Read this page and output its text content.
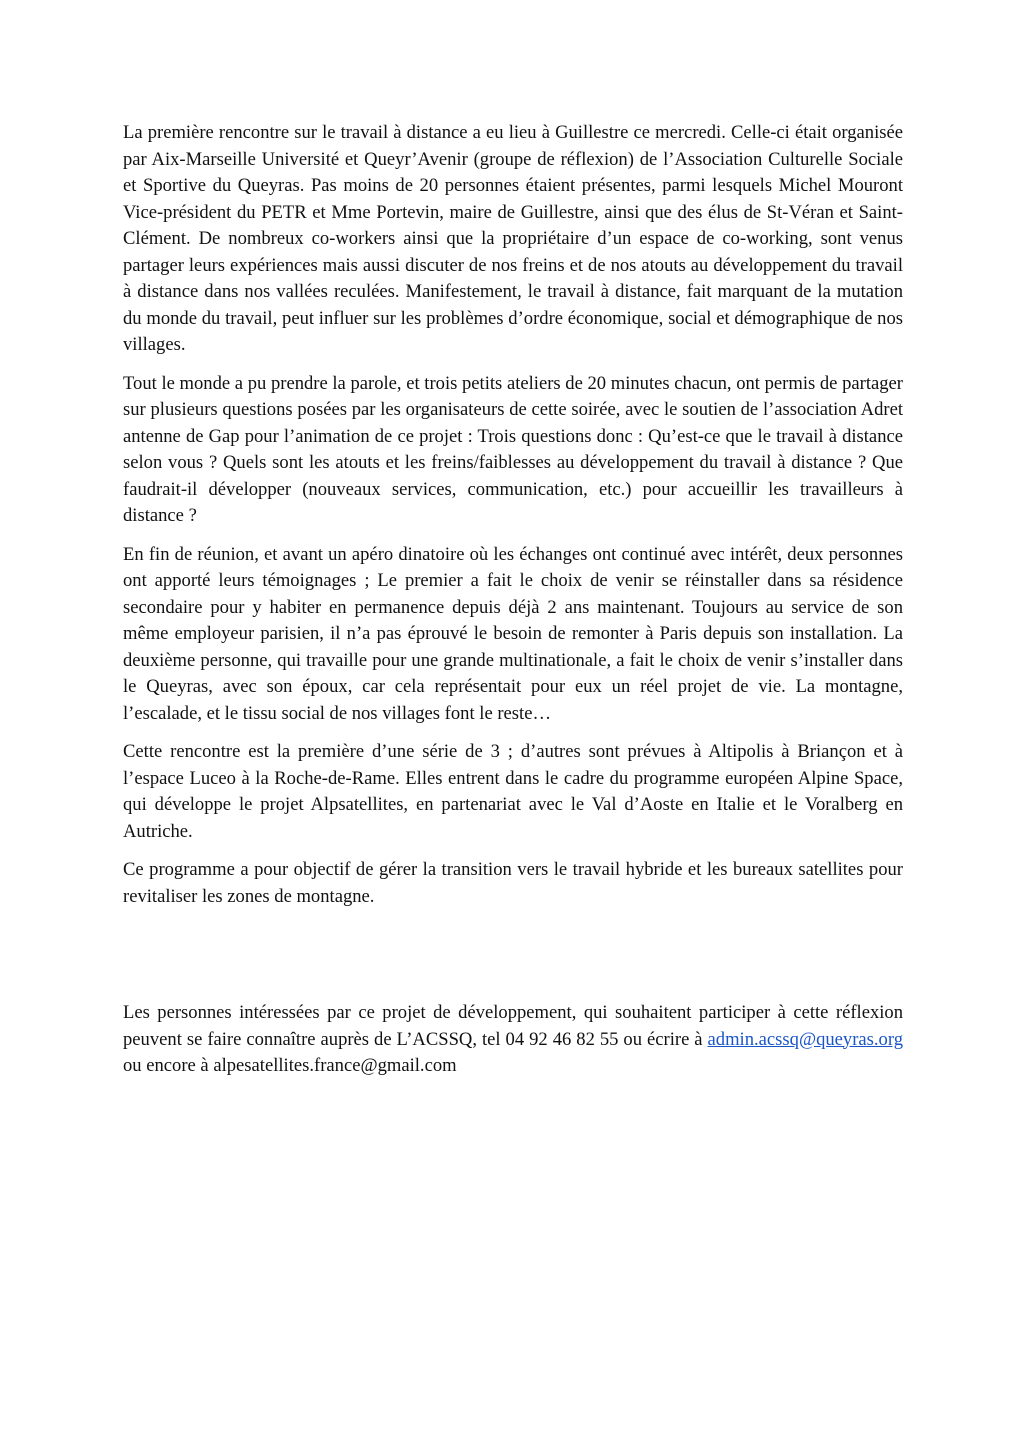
La première rencontre sur le travail à distance a eu lieu à Guillestre ce mercredi. Celle-ci était organisée par Aix-Marseille Université et Queyr’Avenir (groupe de réflexion) de l’Association Culturelle Sociale et Sportive du Queyras. Pas moins de 20 personnes étaient présentes, parmi lesquels Michel Mouront Vice-président du PETR et Mme Portevin, maire de Guillestre, ainsi que des élus de St-Véran et Saint-Clément. De nombreux co-workers ainsi que la propriétaire d’un espace de co-working, sont venus partager leurs expériences mais aussi discuter de nos freins et de nos atouts au développement du travail à distance dans nos vallées reculées. Manifestement, le travail à distance, fait marquant de la mutation du monde du travail, peut influer sur les problèmes d’ordre économique, social et démographique de nos villages.

Tout le monde a pu prendre la parole, et trois petits ateliers de 20 minutes chacun, ont permis de partager sur plusieurs questions posées par les organisateurs de cette soirée, avec le soutien de l’association Adret antenne de Gap pour l’animation de ce projet : Trois questions donc : Qu’est-ce que le travail à distance selon vous ? Quels sont les atouts et les freins/faiblesses au développement du travail à distance ? Que faudrait-il développer (nouveaux services, communication, etc.) pour accueillir les travailleurs à distance ?

En fin de réunion, et avant un apéro dinatoire où les échanges ont continué avec intérêt, deux personnes ont apporté leurs témoignages ; Le premier a fait le choix de venir se réinstaller dans sa résidence secondaire pour y habiter en permanence depuis déjà 2 ans maintenant. Toujours au service de son même employeur parisien, il n’a pas éprouvé le besoin de remonter à Paris depuis son installation. La deuxième personne, qui travaille pour une grande multinationale, a fait le choix de venir s’installer dans le Queyras, avec son époux, car cela représentait pour eux un réel projet de vie. La montagne, l’escalade, et le tissu social de nos villages font le reste…

Cette rencontre est la première d’une série de 3 ; d’autres sont prévues à Altipolis à Briançon et à l’espace Luceo à la Roche-de-Rame. Elles entrent dans le cadre du programme européen Alpine Space, qui développe le projet Alpsatellites, en partenariat avec le Val d’Aoste en Italie et le Voralberg en Autriche.

Ce programme a pour objectif de gérer la transition vers le travail hybride et les bureaux satellites pour revitaliser les zones de montagne.

Les personnes intéressées par ce projet de développement, qui souhaitent participer à cette réflexion peuvent se faire connaître auprès de L’ACSSQ, tel 04 92 46 82 55 ou écrire à admin.acssq@queyras.org ou encore à alpesatellites.france@gmail.com
